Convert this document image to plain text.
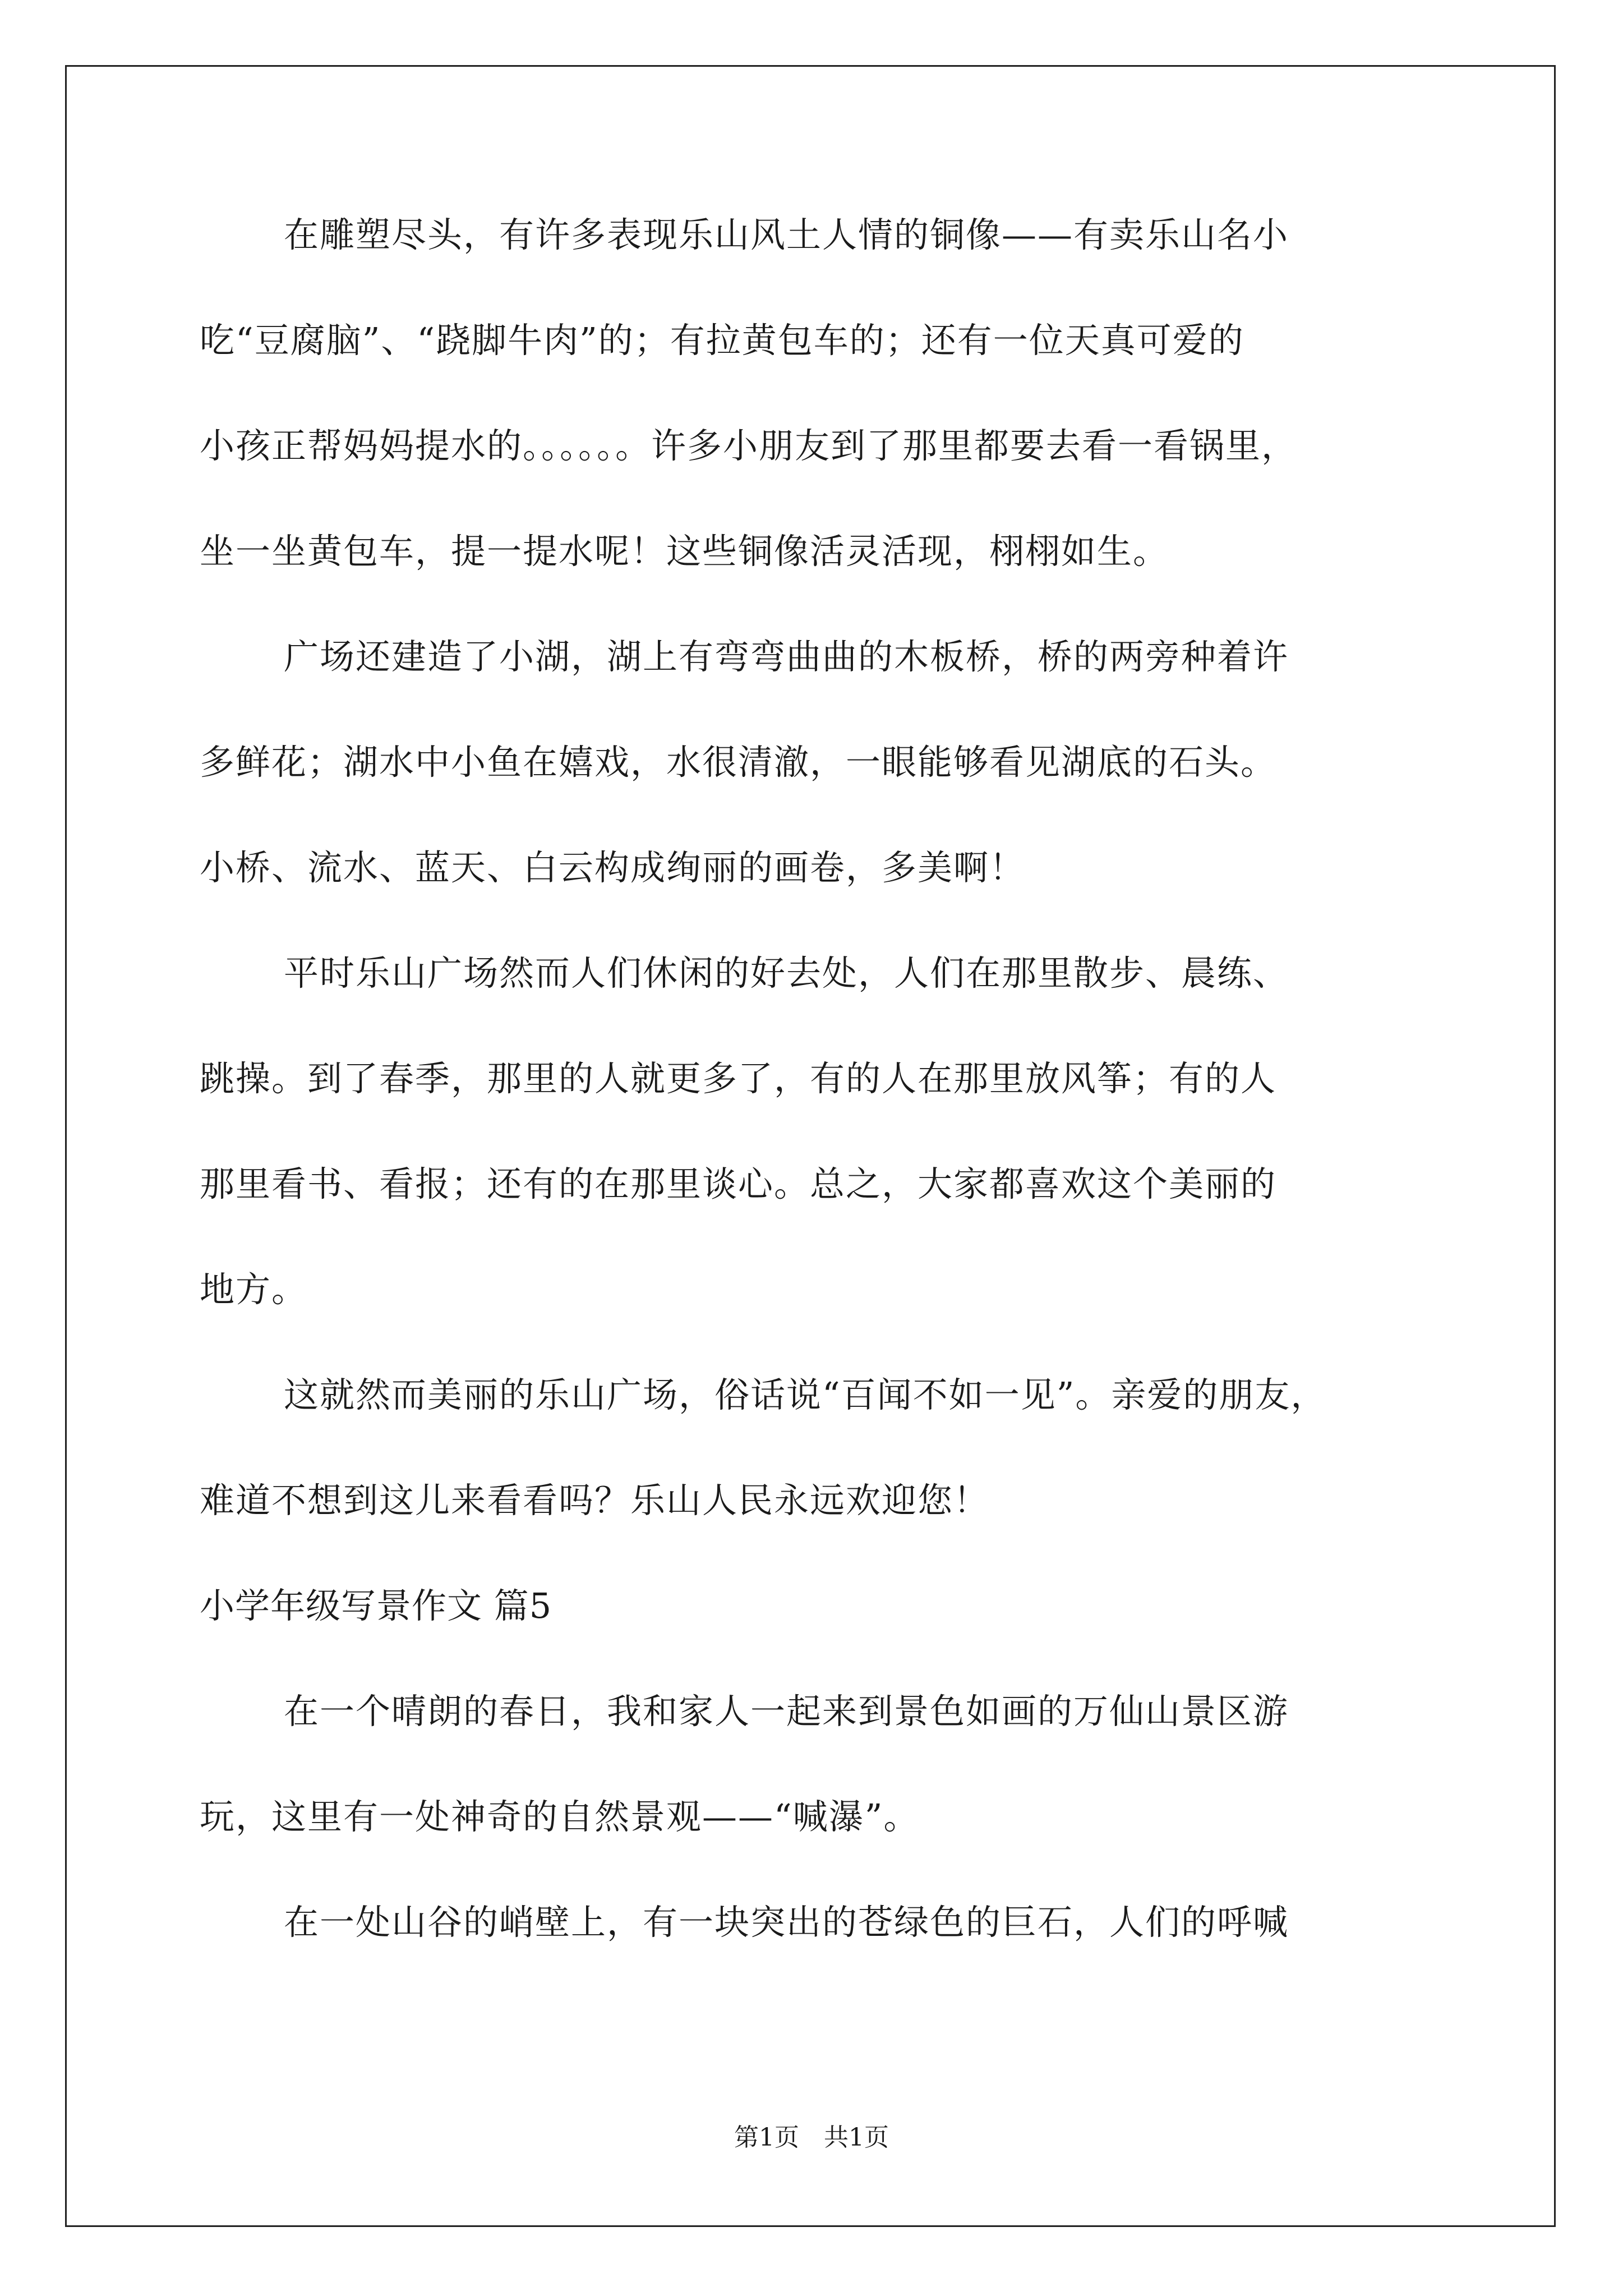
在雕塑尽头，有许多表现乐山风土人情的铜像——有卖乐山名小
吃“豆腐脑”、“跷脚牛肉”的；有拉黄包车的；还有一位天真可爱的
小孩正帮妈妈提水的。。。。。。许多小朋友到了那里都要去看一看锅里，
坐一坐黄包车，提一提水呢！这些铜像活灵活现，栩栩如生。
广场还建造了小湖，湖上有弯弯曲曲的木板桥，桥的两旁种着许
多鲜花；湖水中小鱼在嬉戏，水很清澈，一眼能够看见湖底的石头。
小桥、流水、蓝天、白云构成绚丽的画卷，多美啊！
平时乐山广场然而人们休闲的好去处，人们在那里散步、晨练、
跳操。到了春季，那里的人就更多了，有的人在那里放风筝；有的人
那里看书、看报；还有的在那里谈心。总之，大家都喜欢这个美丽的
地方。
这就然而美丽的乐山广场，俗话说“百闻不如一见”。亲爱的朋友，
难道不想到这儿来看看吗？乐山人民永远欢迎您！
小学年级写景作文 篇5
在一个晴朗的春日，我和家人一起来到景色如画的万仙山景区游
玩，这里有一处神奇的自然景观——“喊瀑”。
在一处山谷的峭壁上，有一块突出的苍绿色的巨石，人们的呼喊
第1页　共1页
